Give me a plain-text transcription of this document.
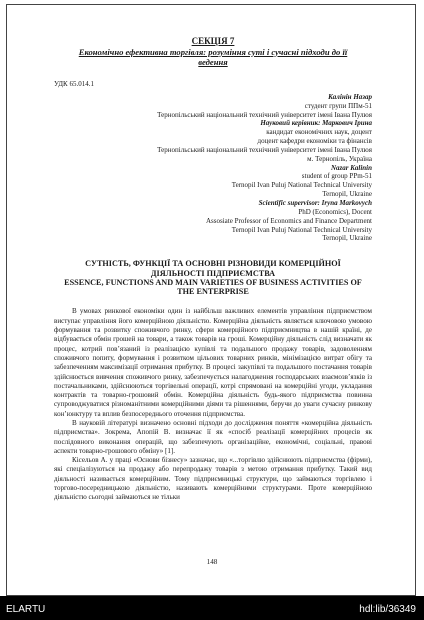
СЕКЦІЯ 7

Економічно ефективна торгівля: розуміння суті і сучасні підходи до її
ведення

УДК 65.014.1
Калінін Назар
студент групи ППм-51
Тернопільський національний технічний університет імені Івана Пулюя
Науковий керівник: Маркович Ірина
кандидат економічних наук, доцент
доцент кафедри економіки та фінансів
Тернопільський національний технічний університет імені Івана Пулюя
м. Тернопіль, Україна
Nazar Kalinin
student of group PPm-51
Ternopil Ivan Puluj National Technical University
Ternopil, Ukraine
Scientific supervisor: Iryna Markovych
PhD (Economics), Docent
Assosiate Professor of Economics and Finance Department
Ternopil Ivan Puluj National Technical University
Ternopil, Ukraine
СУТНІСТЬ, ФУНКЦІЇ ТА ОСНОВНІ РІЗНОВИДИ КОМЕРЦІЙНОЇ
ДІЯЛЬНОСТІ ПІДПРИЄМСТВА
ESSENCE, FUNCTIONS AND MAIN VARIETIES OF BUSINESS ACTIVITIES OF
THE ENTERPRISE

В умовах ринкової економіки один із найбільш важливих елементів управління підприємством виступає управління його комерційною діяльністю. Комерційна діяльність являється ключовою умовою формування та розвитку споживчого ринку, сфери комерційного підприємництва в нашій країні, де відбувається обмін грошей на товари, а також товарів на гроші. Комерційну діяльність слід визначати як процес, котрий пов’язаний із реалізацією купівлі та подальшого продажу товарів, задоволенням споживчого попиту, формування і розвитком цільових товарних ринків, мінімізацією витрат обігу та забезпеченням максимізації отримання прибутку. В процесі закупівлі та подальшого постачання товарів здійснюється вивчення споживчого ринку, забезпечується налагодження господарських взаємозв’язків із постачальниками, здійснюються торгівельні операції, котрі спрямовані на комерційні угоди, укладання контрактів та товарно-грошовий обмін. Комерційна діяльність будь-якого підприємства повинна супроводжуватися різноманітними комерційними діями та рішеннями, беручи до уваги сучасну ринкову кон’юнктуру та вплив безпосереднього оточення підприємства.

В науковій літературі визначено основні підходи до дослідження поняття «комерційна діяльність підприємства». Зокрема, Апопій В. визначає її як «спосіб реалізації комерційних процесів як послідовного виконання операцій, що забезпечують організаційне, економічні, соціальні, правові аспекти товарно-грошового обміну» [1].

Кісельов А. у праці «Основи бізнесу» зазначає, що «...торгівлю здійснюють підприємства (фірми), які спеціалізуються на продажу або перепродажу товарів з метою отримання прибутку. Такий вид діяльності називається комерційним. Тому підприємницькі структури, що займаються торгівлею і торгово-посередницькою діяльністю, називають комерційними структурами. Проте комерційною діяльністю сьогодні займаються не тільки

148
ELARTU	hdl:lib/36349
